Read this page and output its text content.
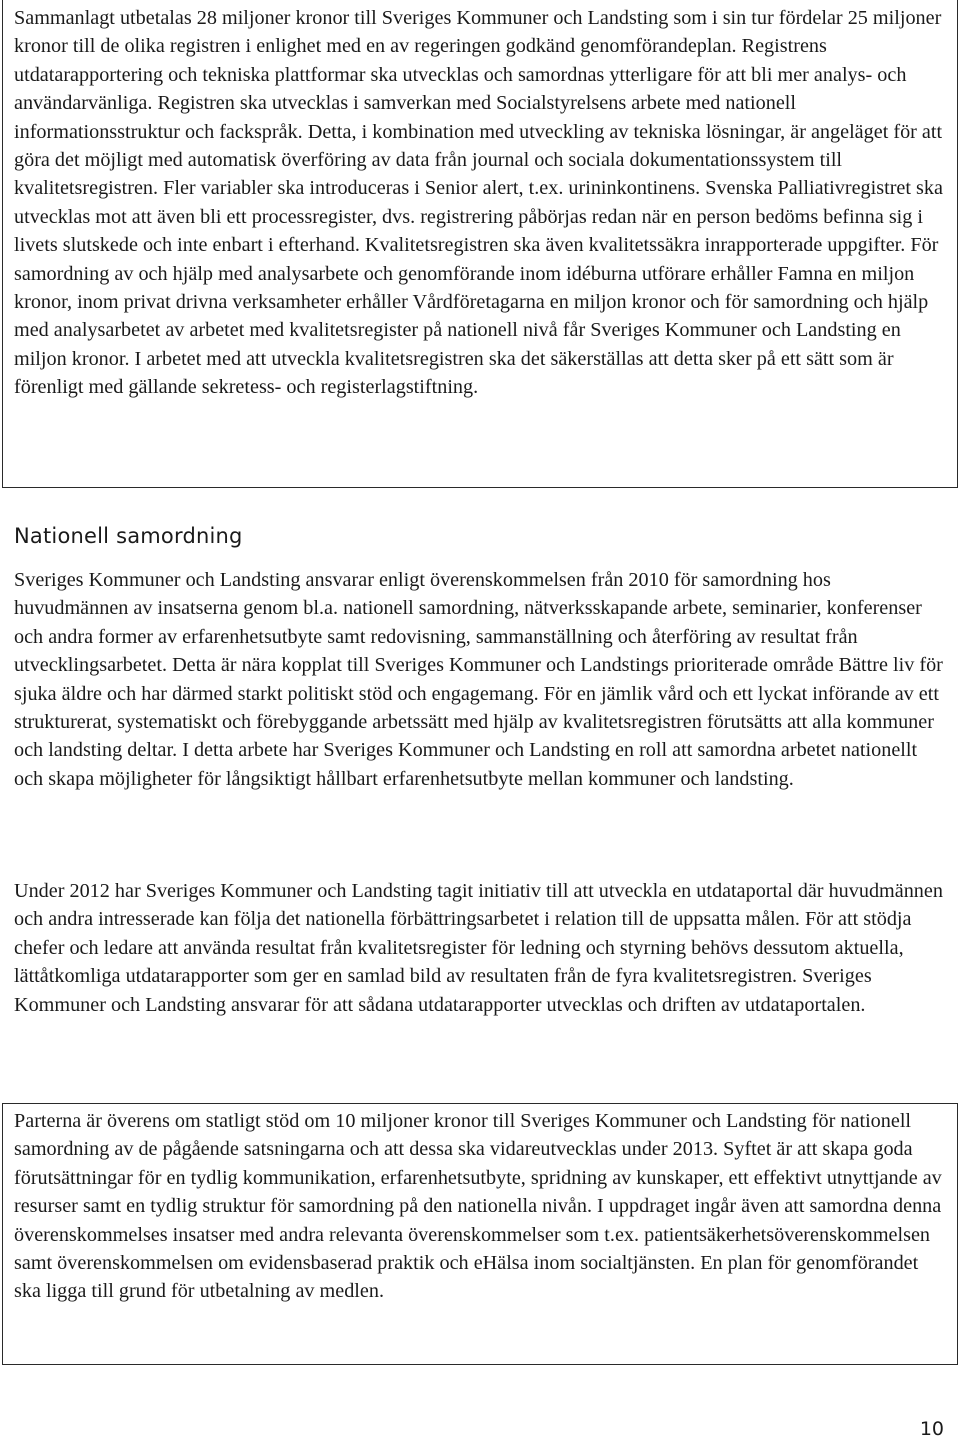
Sammanlagt utbetalas 28 miljoner kronor till Sveriges Kommuner och Landsting som i sin tur fördelar 25 miljoner kronor till de olika registren i enlighet med en av regeringen godkänd genomförandeplan. Registrens utdatarapportering och tekniska plattformar ska utvecklas och samordnas ytterligare för att bli mer analys- och användarvänliga. Registren ska utvecklas i samverkan med Socialstyrelsens arbete med nationell informationsstruktur och fackspråk. Detta, i kombination med utveckling av tekniska lösningar, är angeläget för att göra det möjligt med automatisk överföring av data från journal och sociala dokumentationssystem till kvalitetsregistren. Fler variabler ska introduceras i Senior alert, t.ex. urininkontinens. Svenska Palliativregistret ska utvecklas mot att även bli ett processregister, dvs. registrering påbörjas redan när en person bedöms befinna sig i livets slutskede och inte enbart i efterhand. Kvalitetsregistren ska även kvalitetssäkra inrapporterade uppgifter. För samordning av och hjälp med analysarbete och genomförande inom idéburna utförare erhåller Famna en miljon kronor, inom privat drivna verksamheter erhåller Vårdföretagarna en miljon kronor och för samordning och hjälp med analysarbetet av arbetet med kvalitetsregister på nationell nivå får Sveriges Kommuner och Landsting en miljon kronor. I arbetet med att utveckla kvalitetsregistren ska det säkerställas att detta sker på ett sätt som är förenligt med gällande sekretess- och registerlagstiftning.

Nationell samordning

Sveriges Kommuner och Landsting ansvarar enligt överenskommelsen från 2010 för samordning hos huvudmännen av insatserna genom bl.a. nationell samordning, nätverksskapande arbete, seminarier, konferenser och andra former av erfarenhetsutbyte samt redovisning, sammanställning och återföring av resultat från utvecklingsarbetet. Detta är nära kopplat till Sveriges Kommuner och Landstings prioriterade område Bättre liv för sjuka äldre och har därmed starkt politiskt stöd och engagemang. För en jämlik vård och ett lyckat införande av ett strukturerat, systematiskt och förebyggande arbetssätt med hjälp av kvalitetsregistren förutsätts att alla kommuner och landsting deltar. I detta arbete har Sveriges Kommuner och Landsting en roll att samordna arbetet nationellt och skapa möjligheter för långsiktigt hållbart erfarenhetsutbyte mellan kommuner och landsting.

Under 2012 har Sveriges Kommuner och Landsting tagit initiativ till att utveckla en utdataportal där huvudmännen och andra intresserade kan följa det nationella förbättringsarbetet i relation till de uppsatta målen. För att stödja chefer och ledare att använda resultat från kvalitetsregister för ledning och styrning behövs dessutom aktuella, lättåtkomliga utdatarapporter som ger en samlad bild av resultaten från de fyra kvalitetsregistren. Sveriges Kommuner och Landsting ansvarar för att sådana utdatarapporter utvecklas och driften av utdataportalen.

Parterna är överens om statligt stöd om 10 miljoner kronor till Sveriges Kommuner och Landsting för nationell samordning av de pågående satsningarna och att dessa ska vidareutvecklas under 2013. Syftet är att skapa goda förutsättningar för en tydlig kommunikation, erfarenhetsutbyte, spridning av kunskaper, ett effektivt utnyttjande av resurser samt en tydlig struktur för samordning på den nationella nivån. I uppdraget ingår även att samordna denna överenskommelses insatser med andra relevanta överenskommelser som t.ex. patientsäkerhetsöverenskommelsen samt överenskommelsen om evidensbaserad praktik och eHälsa inom socialtjänsten. En plan för genomförandet ska ligga till grund för utbetalning av medlen.

10
